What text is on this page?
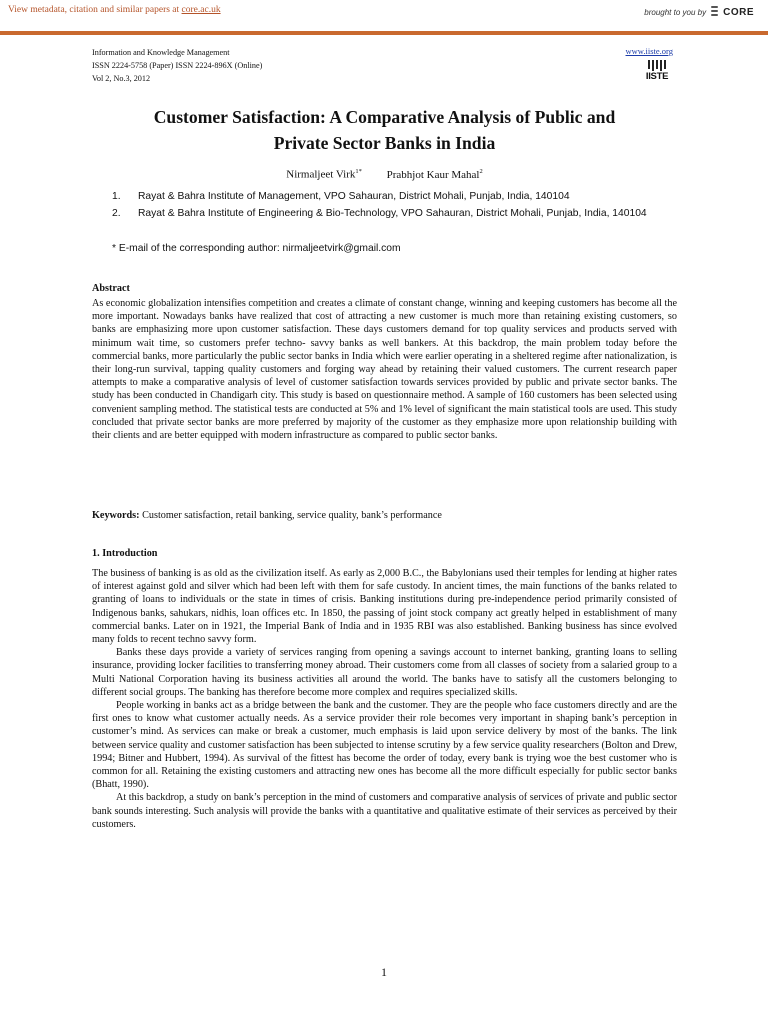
View metadata, citation and similar papers at core.ac.uk	brought to you by CORE
Information and Knowledge Management
ISSN 2224-5758 (Paper) ISSN 2224-896X (Online)
Vol 2, No.3, 2012
www.iiste.org
IISTE
Customer Satisfaction: A Comparative Analysis of Public and
Private Sector Banks in India
Nirmaljeet Virk$^{1*}$ Prabhjot Kaur Mahal$^2$
1.	Rayat & Bahra Institute of Management, VPO Sahauran, District Mohali, Punjab, India, 140104
2.	Rayat & Bahra Institute of Engineering & Bio-Technology, VPO Sahauran, District Mohali, Punjab, India, 140104
* E-mail of the corresponding author: nirmaljeetvirk@gmail.com
Abstract
As economic globalization intensifies competition and creates a climate of constant change, winning and keeping customers has become all the more important. Nowadays banks have realized that cost of attracting a new customer is much more than retaining existing customers, so banks are emphasizing more upon customer satisfaction. These days customers demand for top quality services and products served with minimum wait time, so customers prefer techno- savvy banks as well bankers. At this backdrop, the main problem today before the commercial banks, more particularly the public sector banks in India which were earlier operating in a sheltered regime after nationalization, is their long-run survival, tapping quality customers and forging way ahead by retaining their valued customers. The current research paper attempts to make a comparative analysis of level of customer satisfaction towards services provided by public and private sector banks. The study has been conducted in Chandigarh city. This study is based on questionnaire method. A sample of 160 customers has been selected using convenient sampling method. The statistical tests are conducted at 5% and 1% level of significant the main statistical tools are used. This study concluded that private sector banks are more preferred by majority of the customer as they emphasize more upon relationship building with their clients and are better equipped with modern infrastructure as compared to public sector banks.
Keywords: Customer satisfaction, retail banking, service quality, bank’s performance
1. Introduction

The business of banking is as old as the civilization itself. As early as 2,000 B.C., the Babylonians used their temples for lending at higher rates of interest against gold and silver which had been left with them for safe custody. In ancient times, the main functions of the banks related to granting of loans to individuals or the state in times of crisis. Banking institutions during pre-independence period primarily consisted of Indigenous banks, sahukars, nidhis, loan offices etc. In 1850, the passing of joint stock company act greatly helped in establishment of many commercial banks. Later on in 1921, the Imperial Bank of India and in 1935 RBI was also established. Banking business has since evolved many folds to recent techno savvy form.

Banks these days provide a variety of services ranging from opening a savings account to internet banking, granting loans to selling insurance, providing locker facilities to transferring money abroad. Their customers come from all classes of society from a salaried group to a Multi National Corporation having its business activities all around the world. The banks have to satisfy all the customers belonging to different social groups. The banking has therefore become more complex and requires specialized skills.

People working in banks act as a bridge between the bank and the customer. They are the people who face customers directly and are the first ones to know what customer actually needs. As a service provider their role becomes very important in shaping bank’s perception in customer’s mind. As services can make or break a customer, much emphasis is laid upon service delivery by most of the banks. The link between service quality and customer satisfaction has been subjected to intense scrutiny by a few service quality researchers (Bolton and Drew, 1994; Bitner and Hubbert, 1994). As survival of the fittest has become the order of today, every bank is trying woe the best customer who is common for all. Retaining the existing customers and attracting new ones has become all the more difficult especially for public sector banks (Bhatt, 1990).

At this backdrop, a study on bank’s perception in the mind of customers and comparative analysis of services of private and public sector bank sounds interesting. Such analysis will provide the banks with a quantitative and qualitative estimate of their services as perceived by their customers.

1
